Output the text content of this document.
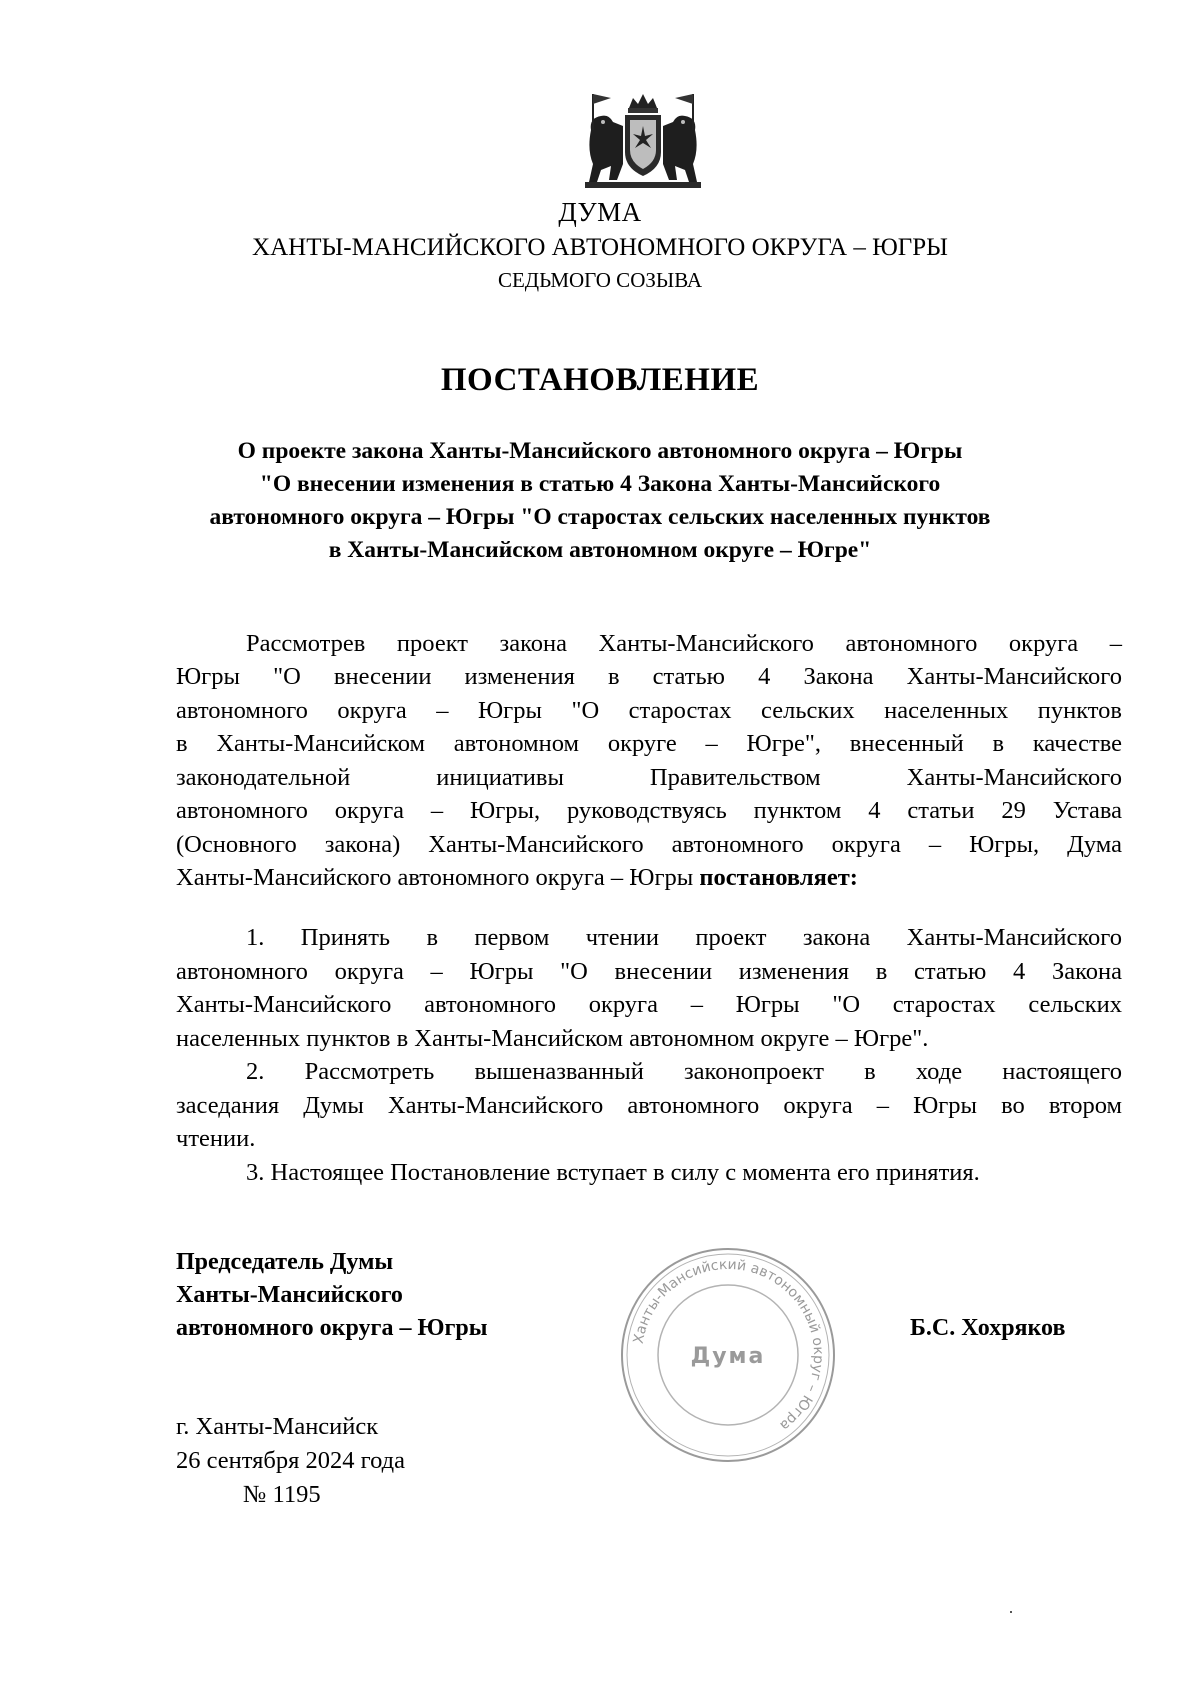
ДУМА
ХАНТЫ-МАНСИЙСКОГО АВТОНОМНОГО ОКРУГА – ЮГРЫ
СЕДЬМОГО СОЗЫВА
ПОСТАНОВЛЕНИЕ
О проекте закона Ханты-Мансийского автономного округа – Югры
"О внесении изменения в статью 4 Закона Ханты-Мансийского
автономного округа – Югры "О старостах сельских населенных пунктов
в Ханты-Мансийском автономном округе – Югре"
Рассмотрев проект закона Ханты-Мансийского автономного округа –
Югры "О внесении изменения в статью 4 Закона Ханты-Мансийского
автономного округа – Югры "О старостах сельских населенных пунктов
в Ханты-Мансийском автономном округе – Югре", внесенный в качестве
законодательной инициативы Правительством Ханты-Мансийского
автономного округа – Югры, руководствуясь пунктом 4 статьи 29 Устава
(Основного закона) Ханты-Мансийского автономного округа – Югры, Дума
Ханты-Мансийского автономного округа – Югры постановляет:
1. Принять в первом чтении проект закона Ханты-Мансийского
автономного округа – Югры "О внесении изменения в статью 4 Закона
Ханты-Мансийского автономного округа – Югры "О старостах сельских
населенных пунктов в Ханты-Мансийском автономном округе – Югре".
2. Рассмотреть вышеназванный законопроект в ходе настоящего
заседания Думы Ханты-Мансийского автономного округа – Югры во втором
чтении.
3. Настоящее Постановление вступает в силу с момента его принятия.
Председатель Думы
Ханты-Мансийского
автономного округа – Югры	Б.С. Хохряков
Ханты-Мансийский автономный округ – Югра
Дума
г. Ханты-Мансийск
26 сентября 2024 года
№ 1195
